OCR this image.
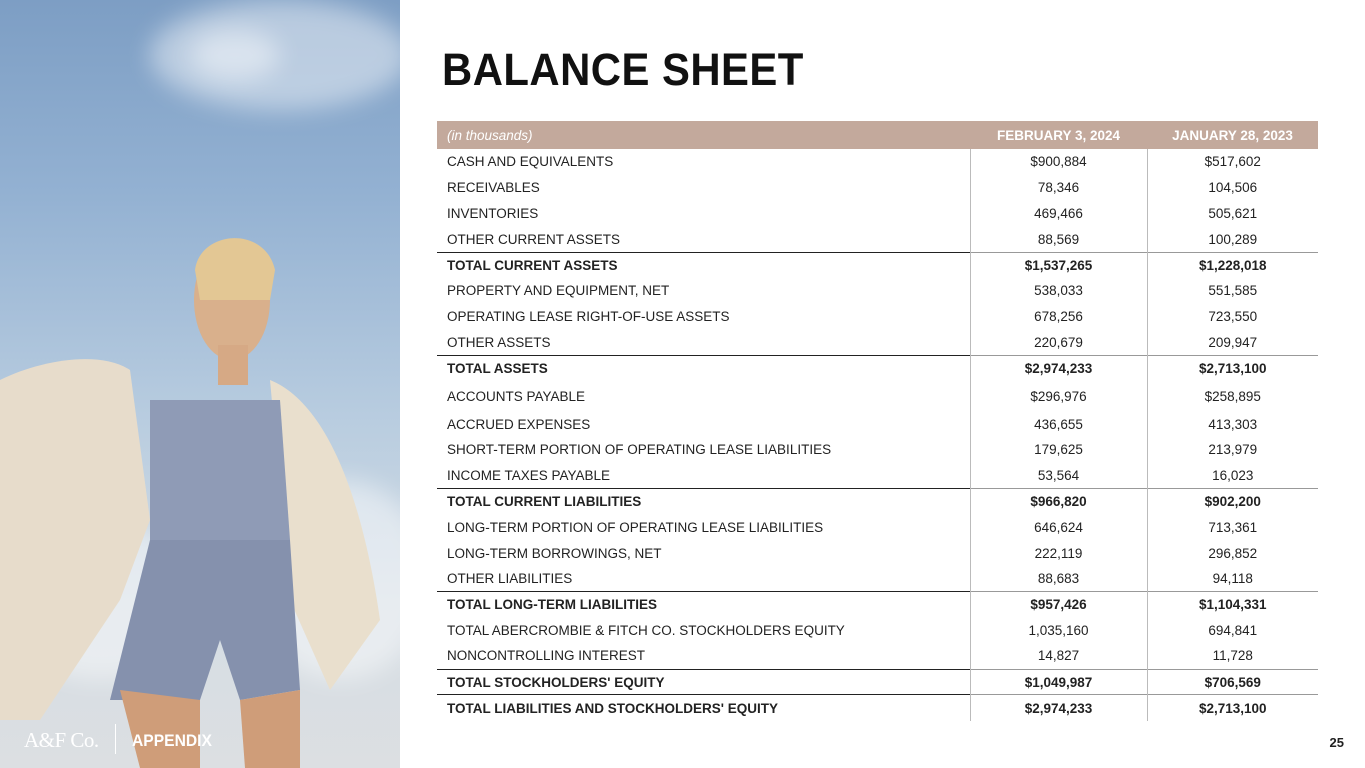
A&F Co. APPENDIX
BALANCE SHEET
(in thousands)	FEBRUARY 3, 2024	JANUARY 28, 2023
CASH AND EQUIVALENTS	$900,884	$517,602
RECEIVABLES	78,346	104,506
INVENTORIES	469,466	505,621
OTHER CURRENT ASSETS	88,569	100,289
TOTAL CURRENT ASSETS	$1,537,265	$1,228,018
PROPERTY AND EQUIPMENT, NET	538,033	551,585
OPERATING LEASE RIGHT-OF-USE ASSETS	678,256	723,550
OTHER ASSETS	220,679	209,947
TOTAL ASSETS	$2,974,233	$2,713,100
ACCOUNTS PAYABLE	$296,976	$258,895
ACCRUED EXPENSES	436,655	413,303
SHORT-TERM PORTION OF OPERATING LEASE LIABILITIES	179,625	213,979
INCOME TAXES PAYABLE	53,564	16,023
TOTAL CURRENT LIABILITIES	$966,820	$902,200
LONG-TERM PORTION OF OPERATING LEASE LIABILITIES	646,624	713,361
LONG-TERM BORROWINGS, NET	222,119	296,852
OTHER LIABILITIES	88,683	94,118
TOTAL LONG-TERM LIABILITIES	$957,426	$1,104,331
TOTAL ABERCROMBIE & FITCH CO. STOCKHOLDERS EQUITY	1,035,160	694,841
NONCONTROLLING INTEREST	14,827	11,728
TOTAL STOCKHOLDERS' EQUITY	$1,049,987	$706,569
TOTAL LIABILITIES AND STOCKHOLDERS' EQUITY	$2,974,233	$2,713,100
25
